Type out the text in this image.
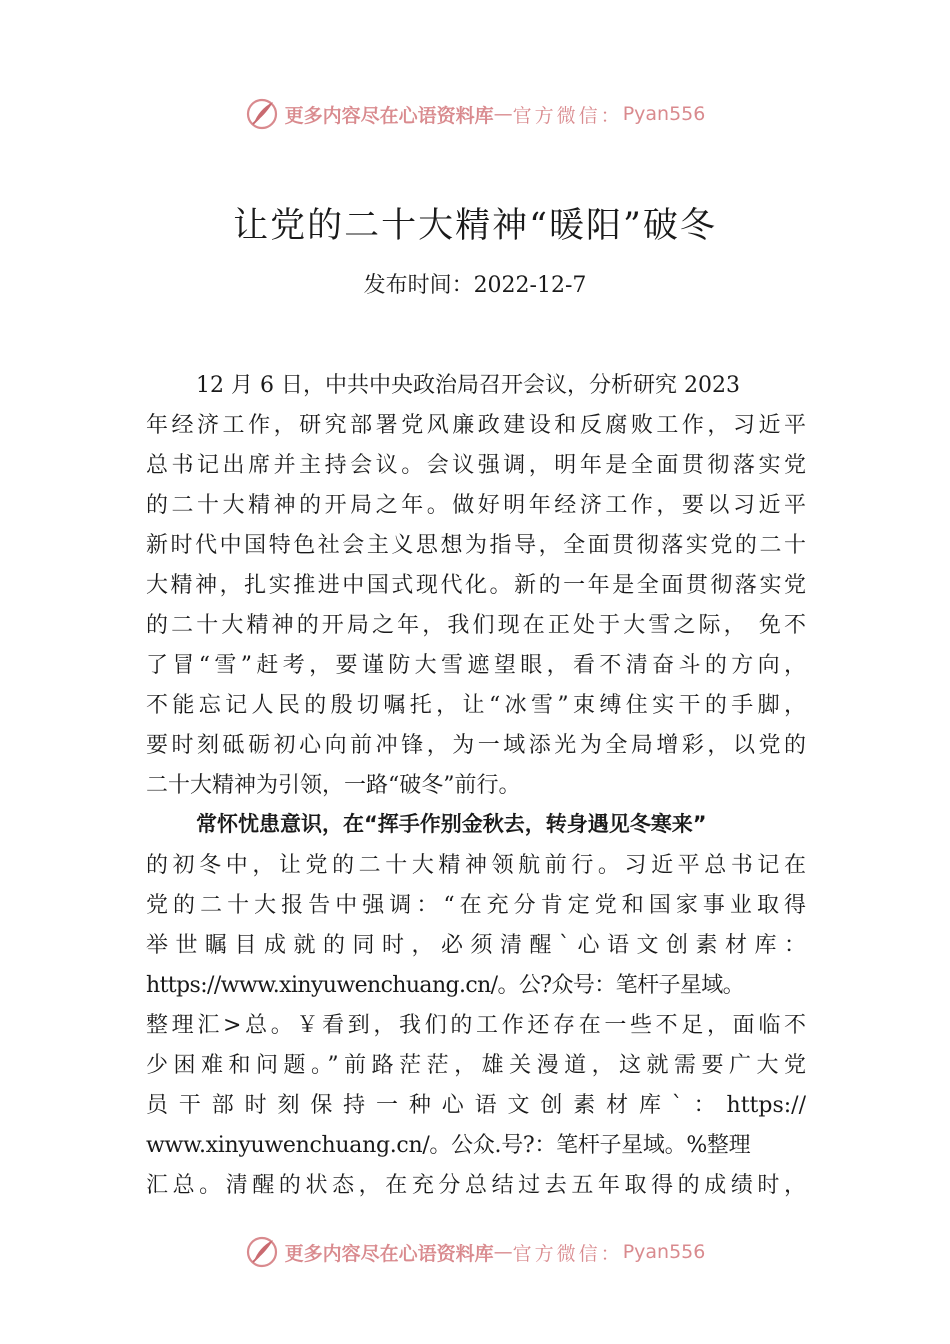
更多内容尽在心语资料库 — 官方微信： Pyan556
让党的二十大精神“暖阳”破冬
发布时间：2022-12-7
12 月 6 日，中共中央政治局召开会议，分析研究 2023
年经济工作，研究部署党风廉政建设和反腐败工作，习近平
总书记出席并主持会议。会议强调，明年是全面贯彻落实党
的二十大精神的开局之年。做好明年经济工作，要以习近平
新时代中国特色社会主义思想为指导，全面贯彻落实党的二十
大精神，扎实推进中国式现代化。新的一年是全面贯彻落实党
的二十大精神的开局之年，我们现在正处于大雪之际， 免不
了冒“雪”赶考，要谨防大雪遮望眼，看不清奋斗的方向，
不能忘记人民的殷切嘱托，让“冰雪”束缚住实干的手脚，
要时刻砥砺初心向前冲锋，为一域添光为全局增彩，以党的
二十大精神为引领，一路“破冬”前行。
常怀忧患意识，在“挥手作别金秋去，转身遇见冬寒来”
的初冬中，让党的二十大精神领航前行。习近平总书记在
党的二十大报告中强调：“在充分肯定党和国家事业取得
举世瞩目成就的同时，必须清醒`心语文创素材库：
https://www.xinyuwenchuang.cn/。公?众号：笔杆子星域。
整理汇>总。￥看到，我们的工作还存在一些不足，面临不
少困难和问题。”前路茫茫，雄关漫道，这就需要广大党
员干部时刻保持一种心语文创素材库`：https://
www.xinyuwenchuang.cn/。公众.号?：笔杆子星域。%整理
汇总。清醒的状态，在充分总结过去五年取得的成绩时，
更多内容尽在心语资料库 — 官方微信： Pyan556
